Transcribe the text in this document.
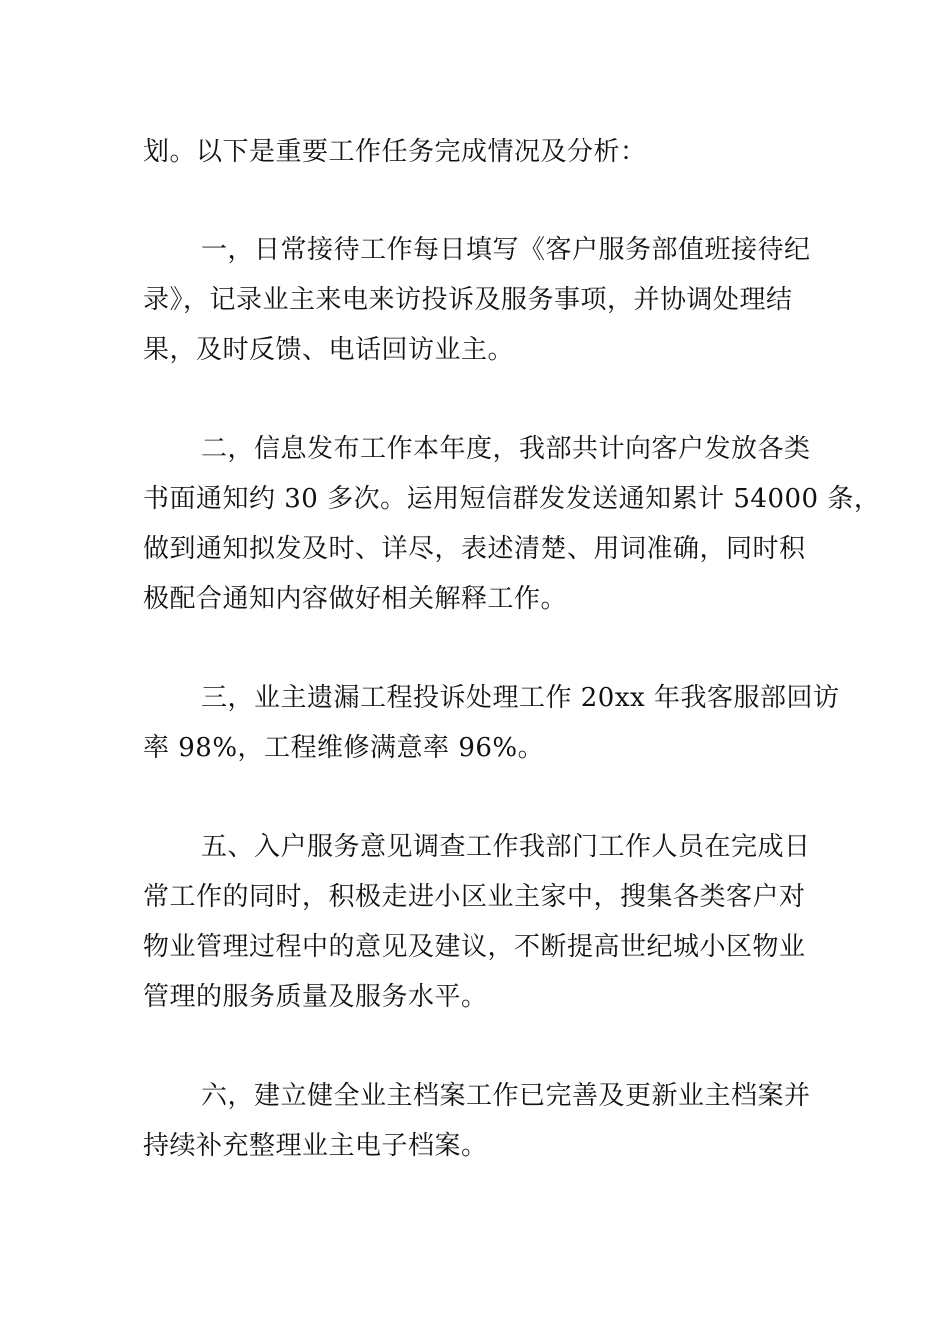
划。以下是重要工作任务完成情况及分析：

一，日常接待工作每日填写《客户服务部值班接待纪
录》，记录业主来电来访投诉及服务事项，并协调处理结
果，及时反馈、电话回访业主。

二，信息发布工作本年度，我部共计向客户发放各类
书面通知约 30 多次。运用短信群发发送通知累计 54000 条，
做到通知拟发及时、详尽，表述清楚、用词准确，同时积
极配合通知内容做好相关解释工作。

三，业主遗漏工程投诉处理工作 20xx 年我客服部回访
率 98%，工程维修满意率 96%。

五、入户服务意见调查工作我部门工作人员在完成日
常工作的同时，积极走进小区业主家中，搜集各类客户对
物业管理过程中的意见及建议，不断提高世纪城小区物业
管理的服务质量及服务水平。

六，建立健全业主档案工作已完善及更新业主档案并
持续补充整理业主电子档案。
